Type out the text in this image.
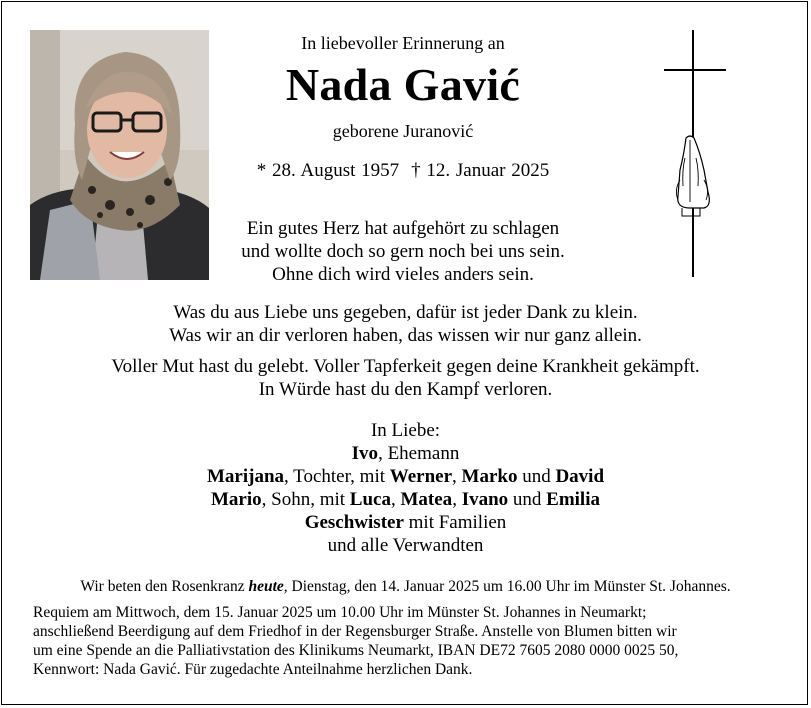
In liebevoller Erinnerung an
Nada Gavić
geborene Juranović
* 28. August 1957 † 12. Januar 2025
Ein gutes Herz hat aufgehört zu schlagen
und wollte doch so gern noch bei uns sein.
Ohne dich wird vieles anders sein.
Was du aus Liebe uns gegeben, dafür ist jeder Dank zu klein.
Was wir an dir verloren haben, das wissen wir nur ganz allein.
Voller Mut hast du gelebt. Voller Tapferkeit gegen deine Krankheit gekämpft.
In Würde hast du den Kampf verloren.
In Liebe:
Ivo, Ehemann
Marijana, Tochter, mit Werner, Marko und David
Mario, Sohn, mit Luca, Matea, Ivano und Emilia
Geschwister mit Familien
und alle Verwandten
Wir beten den Rosenkranz heute, Dienstag, den 14. Januar 2025 um 16.00 Uhr im Münster St. Johannes.
Requiem am Mittwoch, dem 15. Januar 2025 um 10.00 Uhr im Münster St. Johannes in Neumarkt;
anschließend Beerdigung auf dem Friedhof in der Regensburger Straße. Anstelle von Blumen bitten wir
um eine Spende an die Palliativstation des Klinikums Neumarkt, IBAN DE72 7605 2080 0000 0025 50,
Kennwort: Nada Gavić. Für zugedachte Anteilnahme herzlichen Dank.
